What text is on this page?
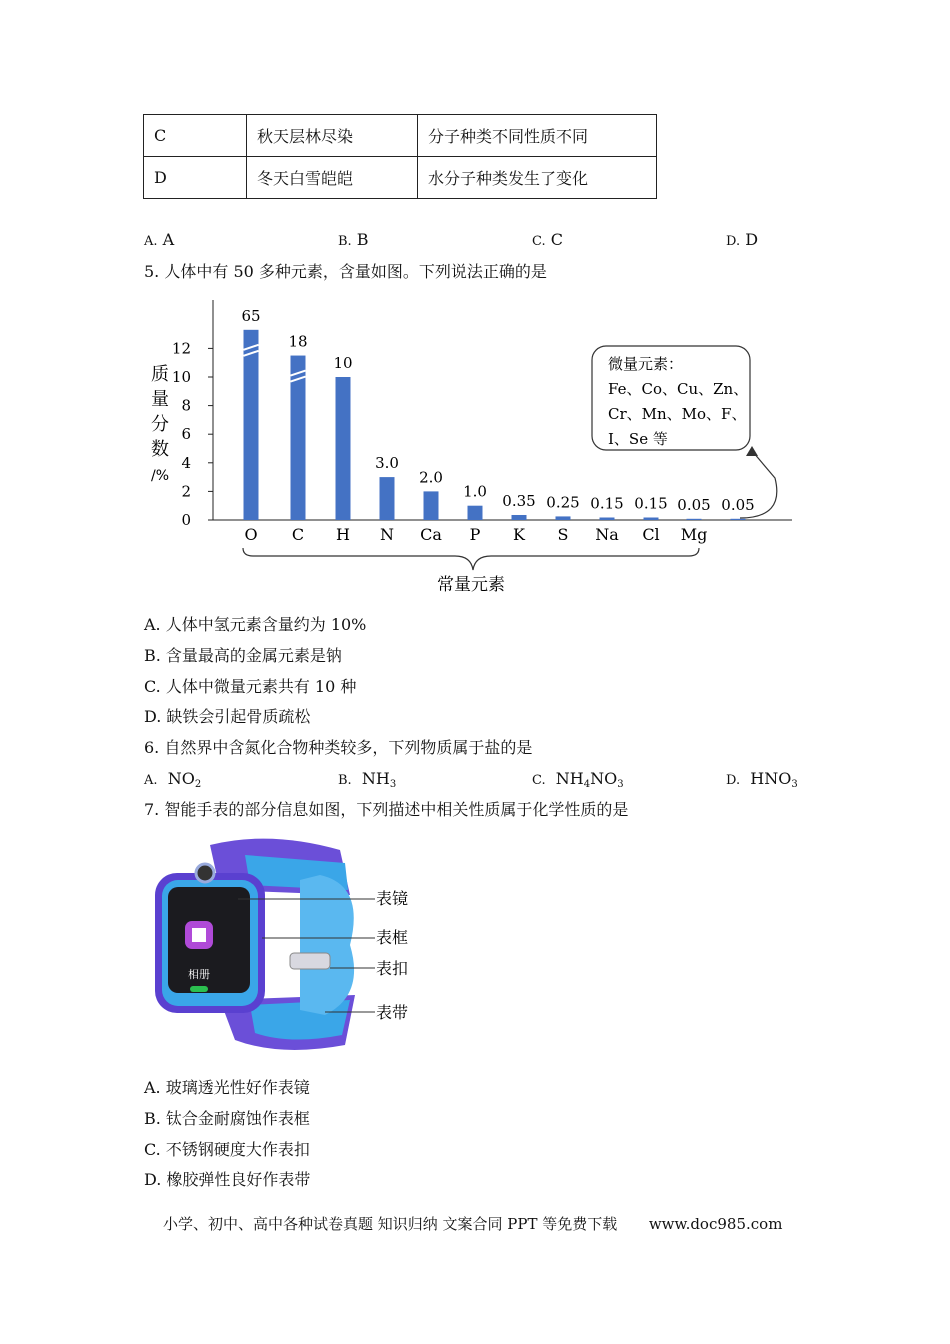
C	秋天层林尽染	分子种类不同性质不同
D	冬天白雪皑皑	水分子种类发生了变化
A. A	B. B	C. C	D. D
5. 人体中有 50 多种元素，含量如图。下列说法正确的是
0
2
4
6
8
10
12
质
量
分
数
/%
65
18
10
3.0
2.0
1.0
0.35 0.25 0.15 0.15 0.05 0.05
O C H N Ca P K S Na Cl Mg
常量元素
微量元素：
Fe、Co、Cu、Zn、
Cr、Mn、Mo、F、
I、Se 等
A. 人体中氢元素含量约为 10%
B. 含量最高的金属元素是钠
C. 人体中微量元素共有 10 种
D. 缺铁会引起骨质疏松
6. 自然界中含氮化合物种类较多，下列物质属于盐的是
A. $NO_2$	B. $NH_3$	C. $NH_4NO_3$	D. $HNO_3$
7. 智能手表的部分信息如图，下列描述中相关性质属于化学性质的是
相册
表镜
表框
表扣
表带
A. 玻璃透光性好作表镜
B. 钛合金耐腐蚀作表框
C. 不锈钢硬度大作表扣
D. 橡胶弹性良好作表带
小学、初中、高中各种试卷真题 知识归纳 文案合同 PPT 等免费下载 www.doc985.com
